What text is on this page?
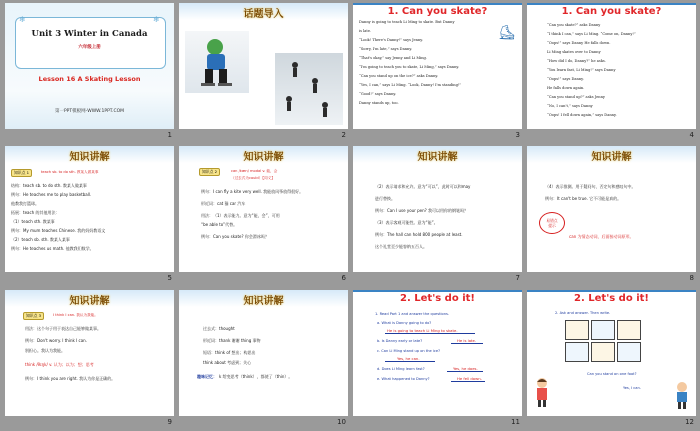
❄	❄
Unit 3 Winter in Canada
六年级上册
Lesson 16 A Skating Lesson
第一PPT模板网-WWW.1PPT.COM
1
话题导入
2
1. Can you skate?
⛸
Danny is going to teach Li Ming to skate. But Danny
is late.
“Look! There's Danny!” says Jenny.
“Sorry, I'm late,” says Danny.
“That's okay,” say Jenny and Li Ming.
“I'm going to teach you to skate, Li Ming,” says Danny.
“Can you stand up on the ice?” asks Danny.
“Yes, I can,” says Li Ming. “Look, Danny! I'm standing!”
“Good!” says Danny.
Danny stands up, too.
3
1. Can you skate?
“Can you skate?” asks Danny
“I think I can,” says Li Ming. “Come on, Danny!”
“Oops!” says Danny He falls down.
Li Ming skates over to Danny
“How did I do, Danny?” he asks.
“You learn fast, Li Ming!” says Danny
“Oops!” says Danny.
He falls down again.
“Can you stand up?” asks Jenny
“No, I can't,” says Danny
“Oops! I fell down again,” says Danny.
4
知识讲解
知识点 1	teach sb. to do sth. 教某人做某事
结构：teach sb. to do sth. 教某人做某事
例句：He teaches me to play basketball.
他教我打篮球。
拓展：teach 的其他用法：
（1）teach sth. 教某事
例句：My mum teaches Chinese. 我的妈妈教语文
（2）teach sb. sth. 教某人某事
例句：He teaches us math. 他教我们数学。
5
知识讲解
知识点 2	can /kæn/ modal v. 能，会
（过去式为could）【同义】
例句：I can fly a kite very well. 我能放风筝放得很好。
形近词：cat 猫 car 汽车
用法：（1）表示能力。意为“能，会”，可用
“be able to”代替。
例句：Can you skate? 你会滑冰吗？
6
知识讲解
（2）表示请求和允许。意为“可以”，此时可以和may
进行替换。
例句：Can I use your pen? 我可以用你的钢笔吗？
（3）表示客观可能性。意为“能”。
例句：The hall can hold 800 people at least.
这个礼堂至少能容纳五百人。
7
知识讲解
（4）表示推测。用于疑问句、否定句和感叹句中。
例句：It can't be true. 它不可能是真的。
易错点
提示
can 为情态动词，后面接动词原形。
8
知识讲解
知识点 3	I think I can. 我认为我能。
用法：这个句子用于表达自己能够做某事。
例句：Don't worry. I think I can.
别担心。我认为我能。
think /θɪŋk/ v. 认为；以为；想；思考
例句：I think you are right. 我认为你是正确的。
9
知识讲解
过去式：thought
形近词：thank 谢谢 thing 事物
短语：think of 想出；构思出
think about 考虑到；关心
趣味记忆： k 给变思考（think），都使了（thin）。
10
2. Let's do it!
1. Read Part 1 and answer the questions.
a. What is Danny going to do?
He is going to teach Li Ming to skate.
b. Is Danny early or late?	He is late.
c. Can Li Ming stand up on the ice?
Yes, he can.
d. Does Li Ming learn fast?	Yes, he does.
e. What happened to Danny?	He fell down.
11
2. Let's do it!
2. Ask and answer. Then write.
Can you stand on one foot?
Yes, I can.
12
